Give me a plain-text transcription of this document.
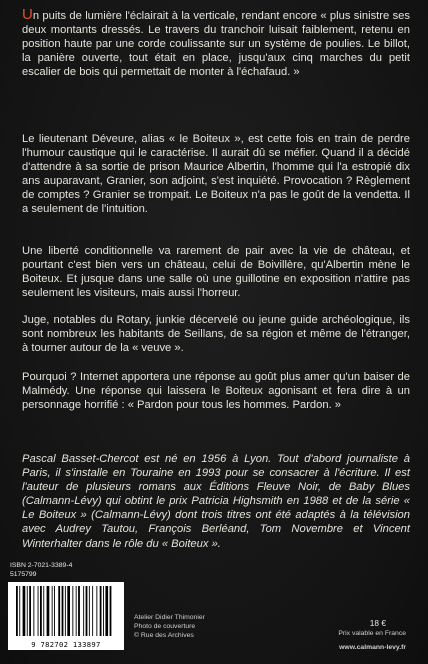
Un puits de lumière l'éclairait à la verticale, rendant encore « plus sinistre ses deux montants dressés. Le travers du tranchoir luisait faiblement, retenu en position haute par une corde coulissante sur un système de poulies. Le billot, la panière ouverte, tout était en place, jusqu'aux cinq marches du petit escalier de bois qui permettait de monter à l'échafaud. »

Le lieutenant Déveure, alias « le Boiteux », est cette fois en train de perdre l'humour caustique qui le caractérise. Il aurait dû se méfier. Quand il a décidé d'attendre à sa sortie de prison Maurice Albertin, l'homme qui l'a estropié dix ans auparavant, Granier, son adjoint, s'est inquiété. Provocation ? Règlement de comptes ? Granier se trompait. Le Boiteux n'a pas le goût de la vendetta. Il a seulement de l'intuition.

Une liberté conditionnelle va rarement de pair avec la vie de château, et pourtant c'est bien vers un château, celui de Boivillère, qu'Albertin mène le Boiteux. Et jusque dans une salle où une guillotine en exposition n'attire pas seulement les visiteurs, mais aussi l'horreur.

Juge, notables du Rotary, junkie décervelé ou jeune guide archéologique, ils sont nombreux les habitants de Seillans, de sa région et même de l'étranger, à tourner autour de la « veuve ».

Pourquoi ? Internet apportera une réponse au goût plus amer qu'un baiser de Malmédy. Une réponse qui laissera le Boiteux agonisant et fera dire à un personnage horrifié : « Pardon pour tous les hommes. Pardon. »

Pascal Basset-Chercot est né en 1956 à Lyon. Tout d'abord journaliste à Paris, il s'installe en Touraine en 1993 pour se consacrer à l'écriture. Il est l'auteur de plusieurs romans aux Éditions Fleuve Noir, de Baby Blues (Calmann-Lévy) qui obtint le prix Patricia Highsmith en 1988 et de la série « Le Boiteux » (Calmann-Lévy) dont trois titres ont été adaptés à la télévision avec Audrey Tautou, François Berléand, Tom Novembre et Vincent Winterhalter dans le rôle du « Boiteux ».

ISBN 2-7021-3389-4
5175799
9 782702 133897
Atelier Didier Thimonier
Photo de couverture
© Rue des Archives
18 €
Prix valable en France
www.calmann-levy.fr
